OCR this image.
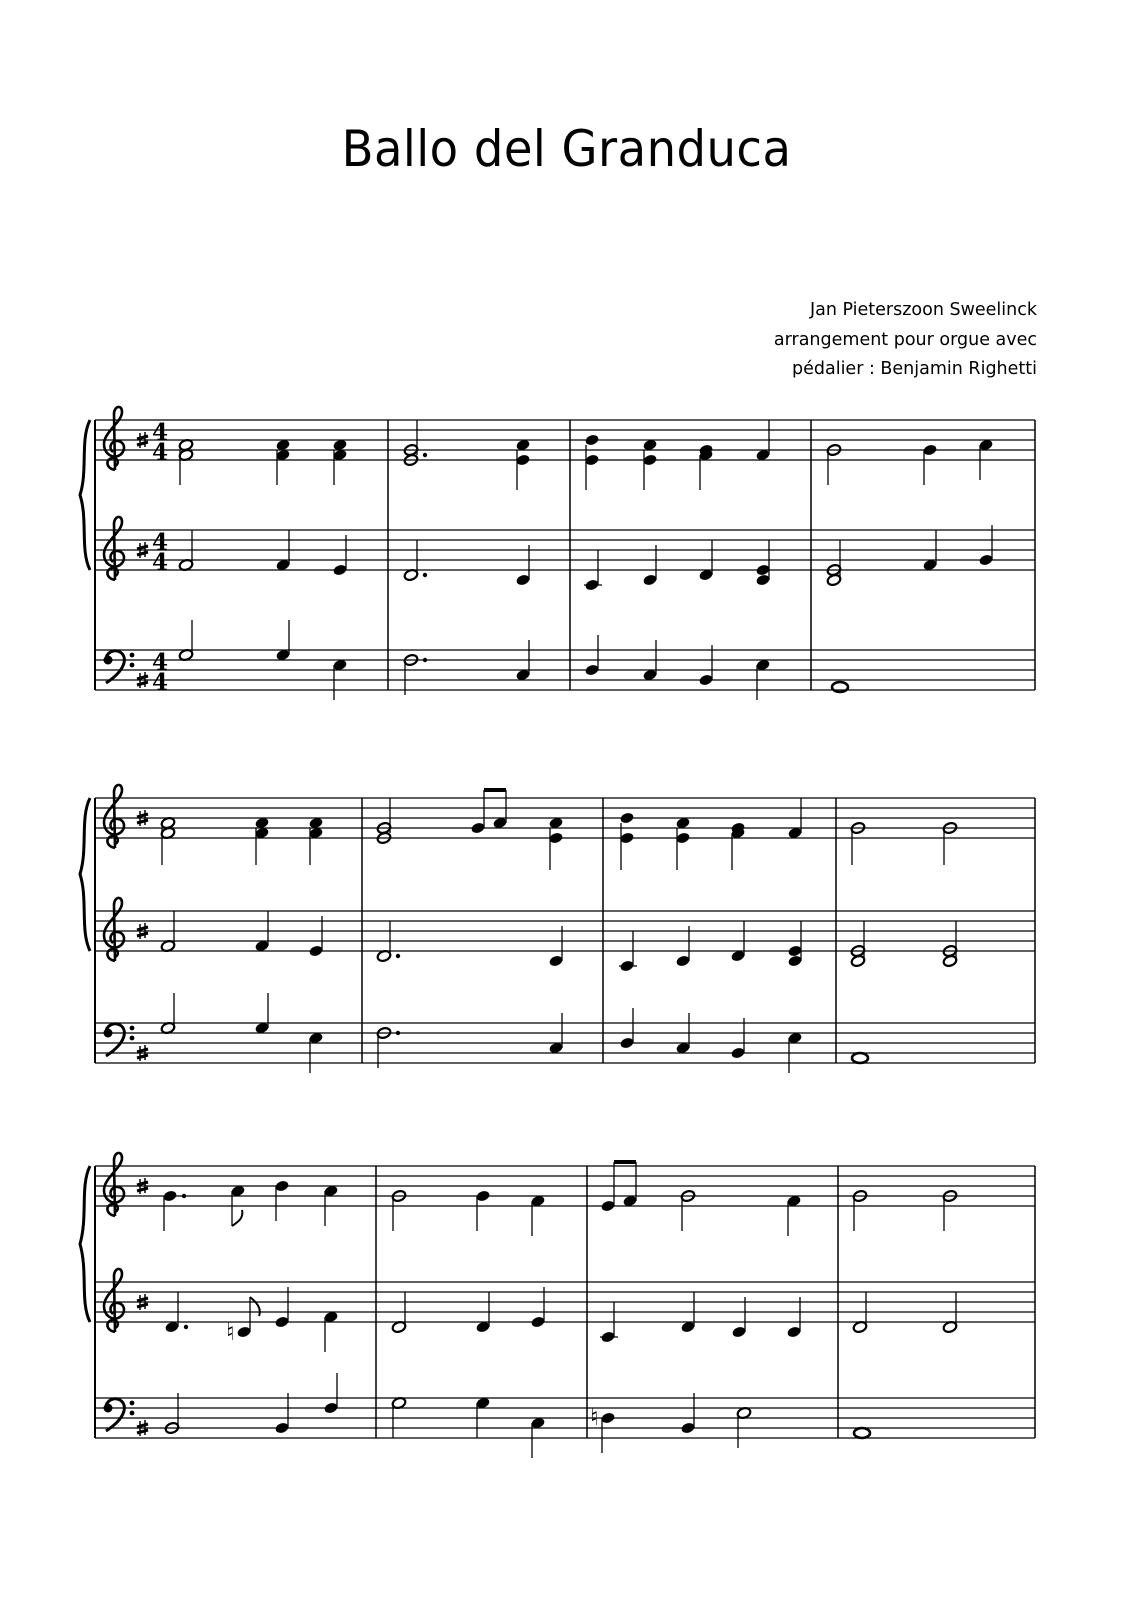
Ballo del Granduca
Jan Pieterszoon Sweelinck
arrangement pour orgue avec
pédalier : Benjamin Righetti
4
4
♮
♮
